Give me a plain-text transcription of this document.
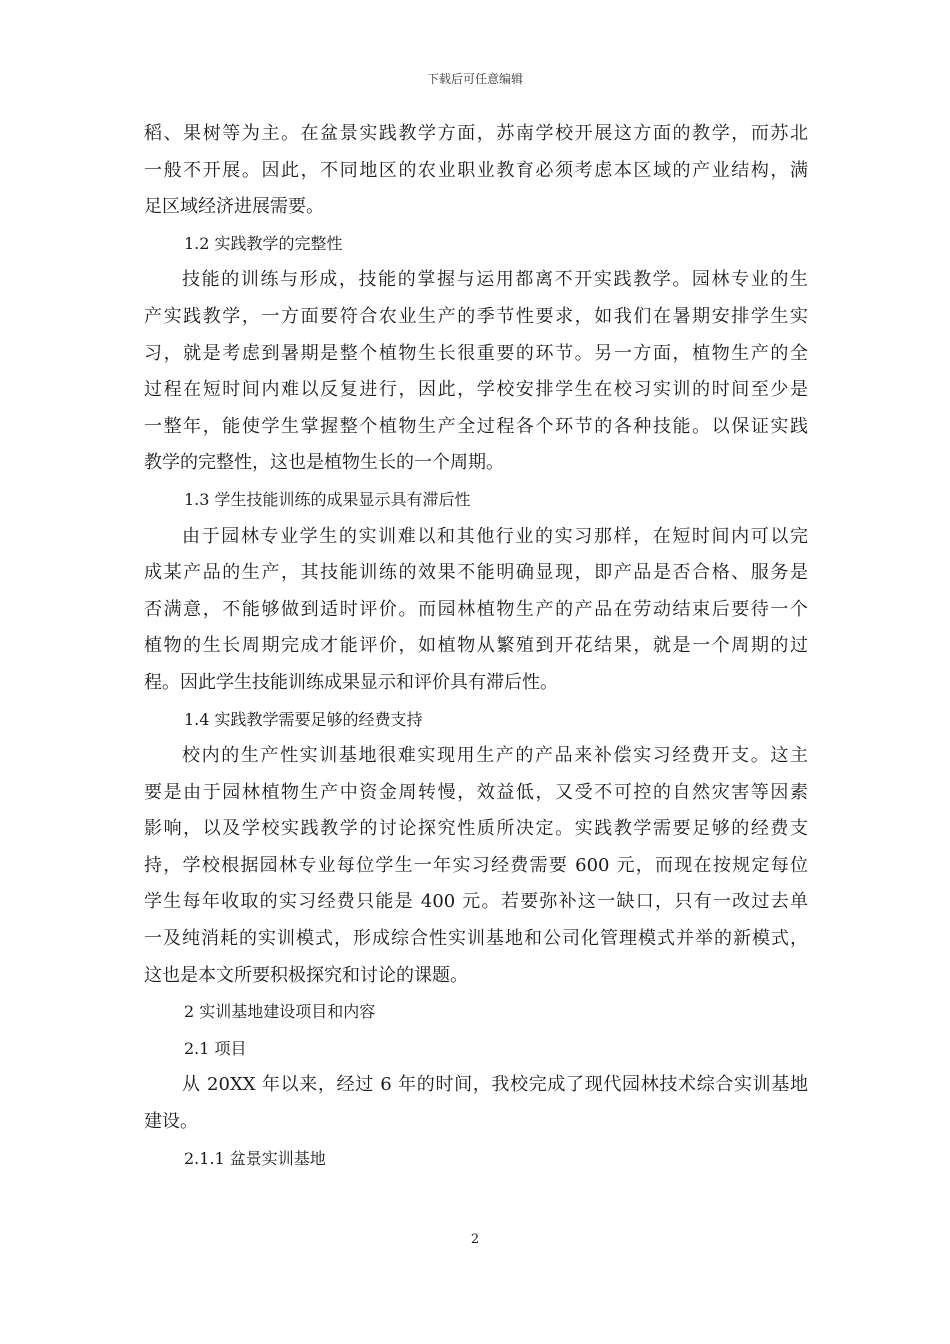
下载后可任意编辑
稻、果树等为主。在盆景实践教学方面，苏南学校开展这方面的教学，而苏北
一般不开展。因此，不同地区的农业职业教育必须考虑本区域的产业结构，满
足区域经济进展需要。
1.2 实践教学的完整性
技能的训练与形成，技能的掌握与运用都离不开实践教学。园林专业的生
产实践教学，一方面要符合农业生产的季节性要求，如我们在暑期安排学生实
习，就是考虑到暑期是整个植物生长很重要的环节。另一方面，植物生产的全
过程在短时间内难以反复进行，因此，学校安排学生在校习实训的时间至少是
一整年，能使学生掌握整个植物生产全过程各个环节的各种技能。以保证实践
教学的完整性，这也是植物生长的一个周期。
1.3 学生技能训练的成果显示具有滞后性
由于园林专业学生的实训难以和其他行业的实习那样，在短时间内可以完
成某产品的生产，其技能训练的效果不能明确显现，即产品是否合格、服务是
否满意，不能够做到适时评价。而园林植物生产的产品在劳动结束后要待一个
植物的生长周期完成才能评价，如植物从繁殖到开花结果，就是一个周期的过
程。因此学生技能训练成果显示和评价具有滞后性。
1.4 实践教学需要足够的经费支持
校内的生产性实训基地很难实现用生产的产品来补偿实习经费开支。这主
要是由于园林植物生产中资金周转慢，效益低，又受不可控的自然灾害等因素
影响，以及学校实践教学的讨论探究性质所决定。实践教学需要足够的经费支
持，学校根据园林专业每位学生一年实习经费需要 600 元，而现在按规定每位
学生每年收取的实习经费只能是 400 元。若要弥补这一缺口，只有一改过去单
一及纯消耗的实训模式，形成综合性实训基地和公司化管理模式并举的新模式，
这也是本文所要积极探究和讨论的课题。
2 实训基地建设项目和内容
2.1 项目
从 20XX 年以来，经过 6 年的时间，我校完成了现代园林技术综合实训基地
建设。
2.1.1 盆景实训基地
2
